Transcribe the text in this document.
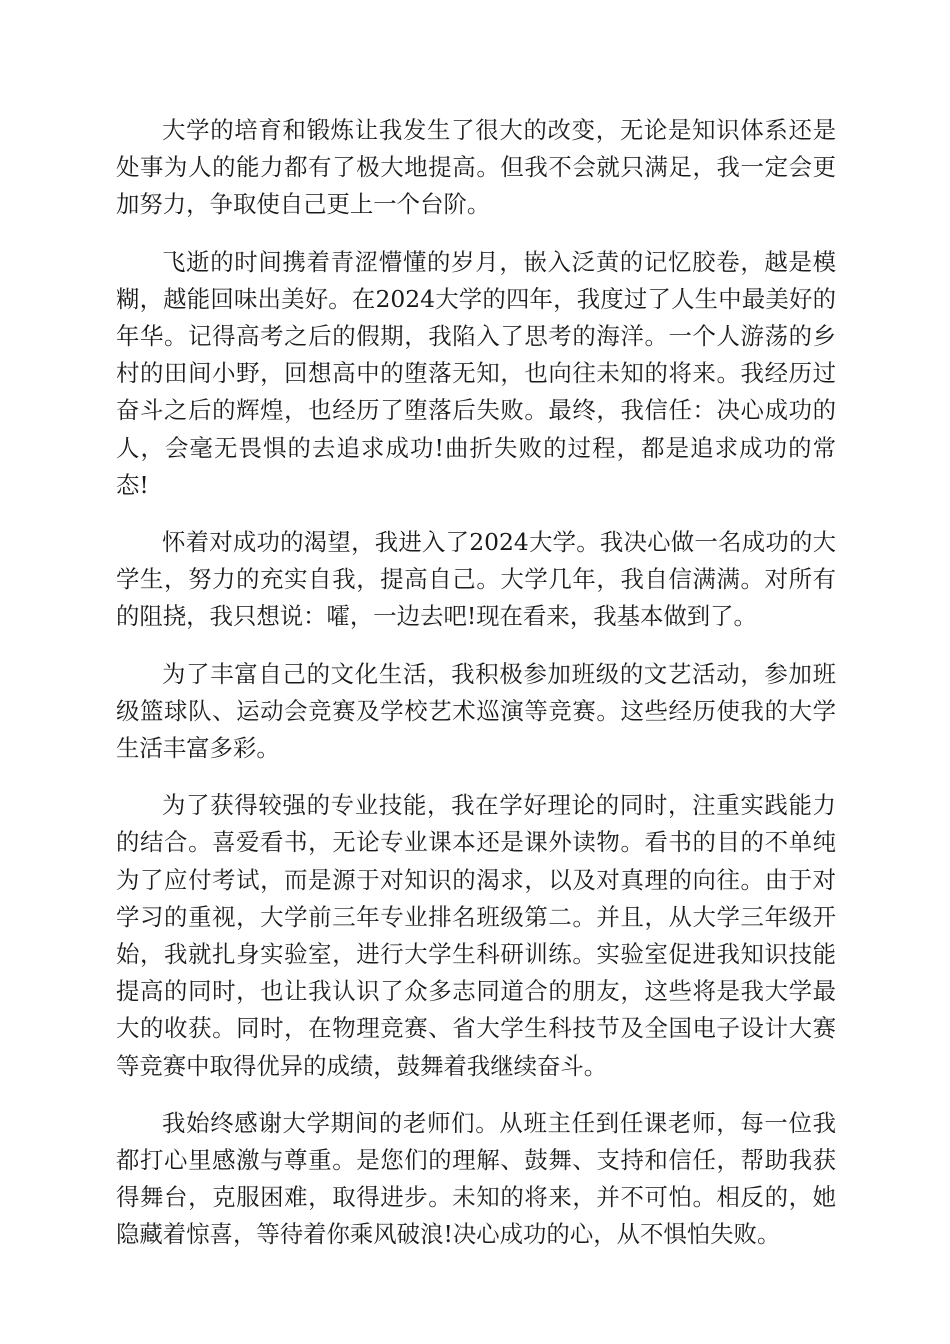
大学的培育和锻炼让我发生了很大的改变，无论是知识体系还是处事为人的能力都有了极大地提高。但我不会就只满足，我一定会更加努力，争取使自己更上一个台阶。

飞逝的时间携着青涩懵懂的岁月，嵌入泛黄的记忆胶卷，越是模糊，越能回味出美好。在2024大学的四年，我度过了人生中最美好的年华。记得高考之后的假期，我陷入了思考的海洋。一个人游荡的乡村的田间小野，回想高中的堕落无知，也向往未知的将来。我经历过奋斗之后的辉煌，也经历了堕落后失败。最终，我信任：决心成功的人，会毫无畏惧的去追求成功!曲折失败的过程，都是追求成功的常态!

怀着对成功的渴望，我进入了2024大学。我决心做一名成功的大学生，努力的充实自我，提高自己。大学几年，我自信满满。对所有的阻挠，我只想说：嚯，一边去吧!现在看来，我基本做到了。

为了丰富自己的文化生活，我积极参加班级的文艺活动，参加班级篮球队、运动会竞赛及学校艺术巡演等竞赛。这些经历使我的大学生活丰富多彩。

为了获得较强的专业技能，我在学好理论的同时，注重实践能力的结合。喜爱看书，无论专业课本还是课外读物。看书的目的不单纯为了应付考试，而是源于对知识的渴求，以及对真理的向往。由于对学习的重视，大学前三年专业排名班级第二。并且，从大学三年级开始，我就扎身实验室，进行大学生科研训练。实验室促进我知识技能提高的同时，也让我认识了众多志同道合的朋友，这些将是我大学最大的收获。同时，在物理竞赛、省大学生科技节及全国电子设计大赛等竞赛中取得优异的成绩，鼓舞着我继续奋斗。

我始终感谢大学期间的老师们。从班主任到任课老师，每一位我都打心里感激与尊重。是您们的理解、鼓舞、支持和信任，帮助我获得舞台，克服困难，取得进步。未知的将来，并不可怕。相反的，她隐藏着惊喜，等待着你乘风破浪!决心成功的心，从不惧怕失败。
